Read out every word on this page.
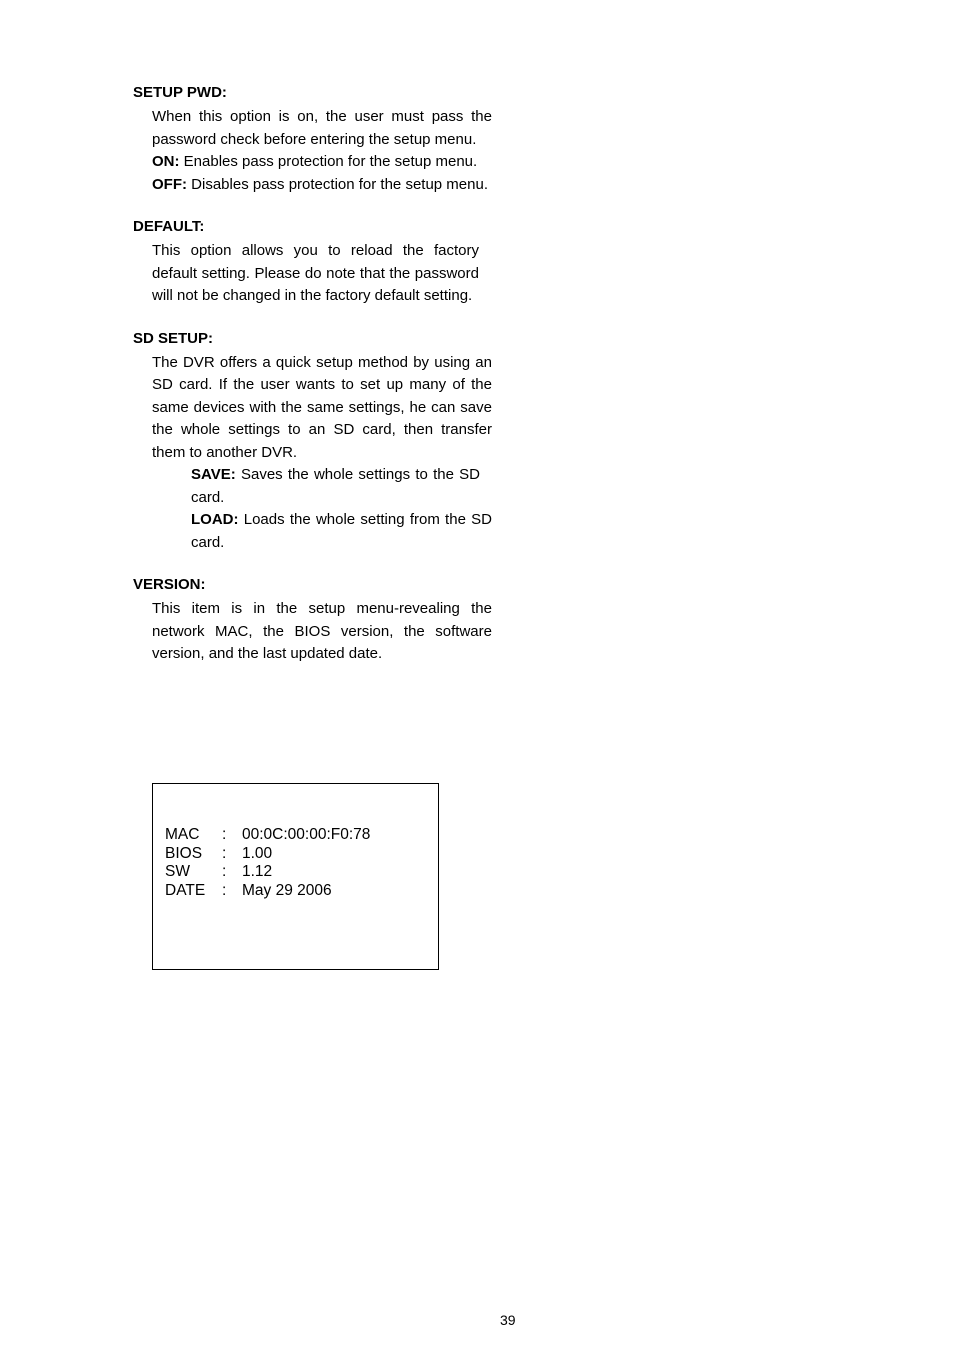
SETUP PWD:
When this option is on, the user must pass the password check before entering the setup menu.
ON: Enables pass protection for the setup menu.
OFF: Disables pass protection for the setup menu.
DEFAULT:
This option allows you to reload the factory default setting. Please do note that the password will not be changed in the factory default setting.
SD SETUP:
The DVR offers a quick setup method by using an SD card. If the user wants to set up many of the same devices with the same settings, he can save the whole settings to an SD card, then transfer them to another DVR.
SAVE: Saves the whole settings to the SD card.
LOAD: Loads the whole setting from the SD card.
VERSION:
This item is in the setup menu-revealing the network MAC, the BIOS version, the software version, and the last updated date.
MAC	:	00:0C:00:00:F0:78
BIOS	:	1.00
SW	:	1.12
DATE	:	May 29 2006
39
